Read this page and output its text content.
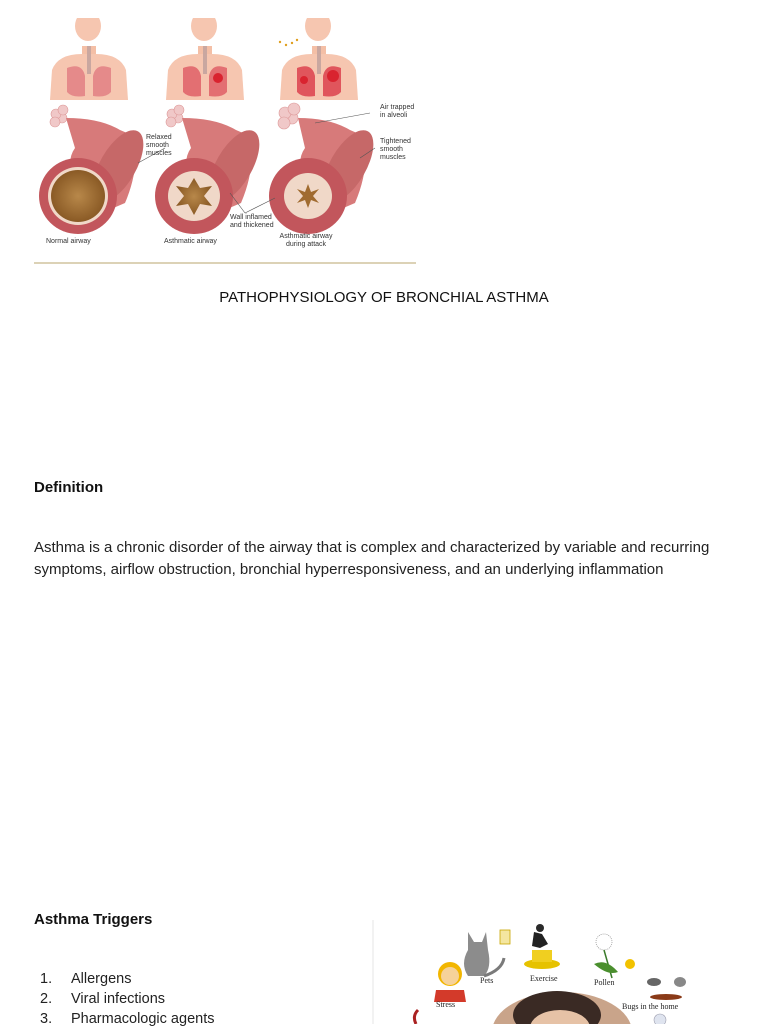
Relaxed smooth muscles
Air trapped in alveoli
Tightened smooth muscles
Wall inflamed and thickened
Normal airway	Asthmatic airway
Asthmatic airway during attack
PATHOPHYSIOLOGY OF BRONCHIAL ASTHMA
Definition
Asthma is a chronic disorder of the airway that is complex and characterized by variable and recurring symptoms, airflow obstruction, bronchial hyperresponsiveness, and an underlying inflammation
Asthma Triggers
1. Allergens
2. Viral infections
3. Pharmacologic agents
Pets	Exercise	Pollen
Stress	Bugs in the home
